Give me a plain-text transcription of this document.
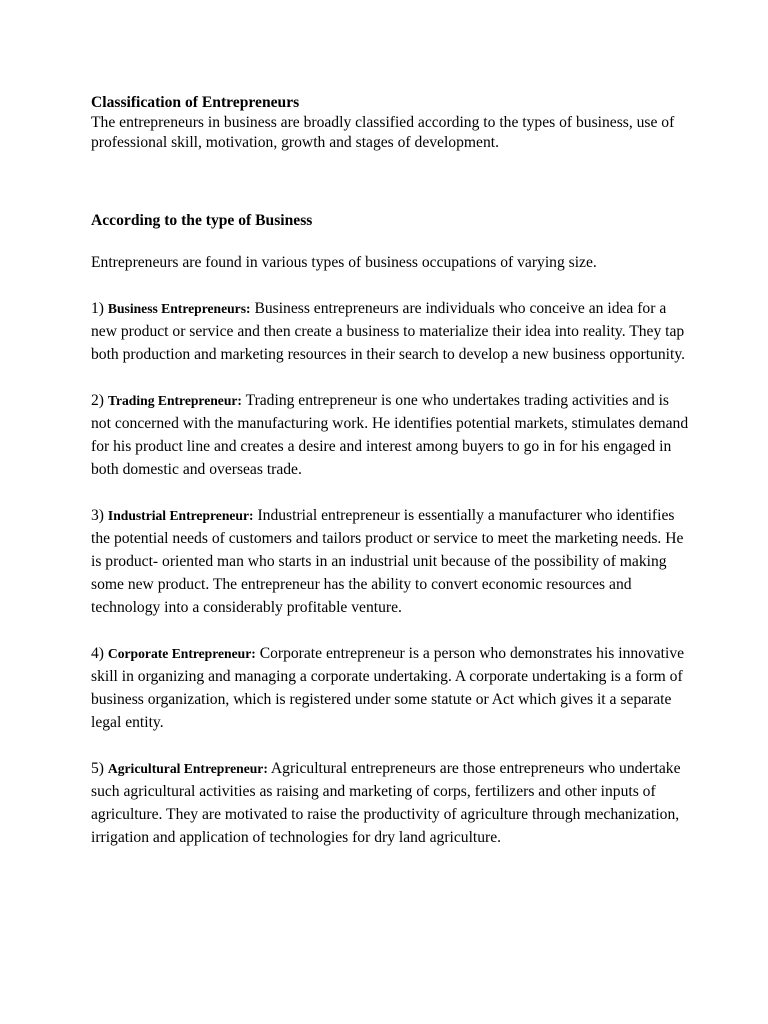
Classification of Entrepreneurs

The entrepreneurs in business are broadly classified according to the types of business, use of professional skill, motivation, growth and stages of development.

According to the type of Business

Entrepreneurs are found in various types of business occupations of varying size.

1) Business Entrepreneurs: Business entrepreneurs are individuals who conceive an idea for a new product or service and then create a business to materialize their idea into reality. They tap both production and marketing resources in their search to develop a new business opportunity.

2) Trading Entrepreneur: Trading entrepreneur is one who undertakes trading activities and is not concerned with the manufacturing work. He identifies potential markets, stimulates demand for his product line and creates a desire and interest among buyers to go in for his engaged in both domestic and overseas trade.

3) Industrial Entrepreneur: Industrial entrepreneur is essentially a manufacturer who identifies the potential needs of customers and tailors product or service to meet the marketing needs. He is product- oriented man who starts in an industrial unit because of the possibility of making some new product. The entrepreneur has the ability to convert economic resources and technology into a considerably profitable venture.

4) Corporate Entrepreneur: Corporate entrepreneur is a person who demonstrates his innovative skill in organizing and managing a corporate undertaking. A corporate undertaking is a form of business organization, which is registered under some statute or Act which gives it a separate legal entity.

5) Agricultural Entrepreneur: Agricultural entrepreneurs are those entrepreneurs who undertake such agricultural activities as raising and marketing of corps, fertilizers and other inputs of agriculture. They are motivated to raise the productivity of agriculture through mechanization, irrigation and application of technologies for dry land agriculture.
